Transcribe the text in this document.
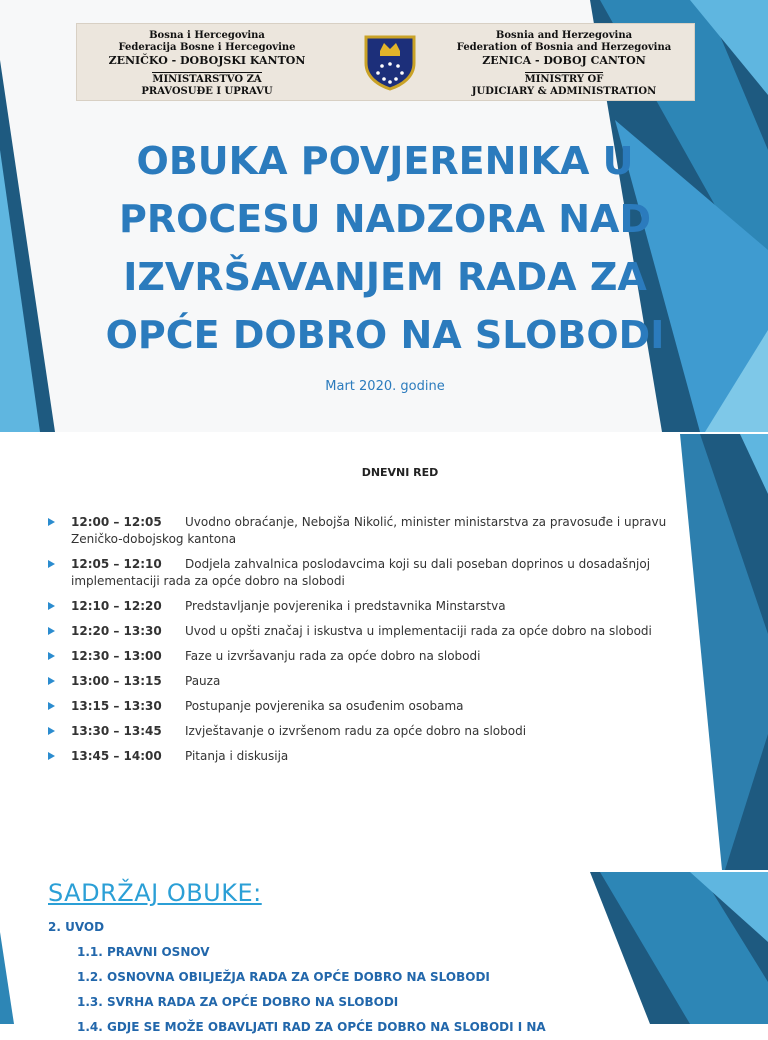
Bosna i Hercegovina
Federacija Bosne i Hercegovine
ZENIČKO - DOBOJSKI KANTON
MINISTARSTVO ZA
PRAVOSUĐE I UPRAVU
Bosnia and Herzegovina
Federation of Bosnia and Herzegovina
ZENICA - DOBOJ CANTON
MINISTRY OF
JUDICIARY & ADMINISTRATION
OBUKA POVJERENIKA U
PROCESU NADZORA NAD
IZVRŠAVANJEM RADA ZA
OPĆE DOBRO NA SLOBODI
Mart 2020. godine
DNEVNI RED
12:00 – 12:05 Uvodno obraćanje, Nebojša Nikolić, minister ministarstva za pravosuđe i upravu Zeničko-dobojskog kantona
12:05 – 12:10 Dodjela zahvalnica poslodavcima koji su dali poseban doprinos u dosadašnjoj implementaciji rada za opće dobro na slobodi
12:10 – 12:20 Predstavljanje povjerenika i predstavnika Minstarstva
12:20 – 13:30 Uvod u opšti značaj i iskustva u implementaciji rada za opće dobro na slobodi
12:30 – 13:00 Faze u izvršavanju rada za opće dobro na slobodi
13:00 – 13:15 Pauza
13:15 – 13:30 Postupanje povjerenika sa osuđenim osobama
13:30 – 13:45 Izvještavanje o izvršenom radu za opće dobro na slobodi
13:45 – 14:00 Pitanja i diskusija
SADRŽAJ OBUKE:
2. UVOD
1.1. PRAVNI OSNOV
1.2. OSNOVNA OBILJEŽJA RADA ZA OPĆE DOBRO NA SLOBODI
1.3. SVRHA RADA ZA OPĆE DOBRO NA SLOBODI
1.4. GDJE SE MOŽE OBAVLJATI RAD ZA OPĆE DOBRO NA SLOBODI I NA
